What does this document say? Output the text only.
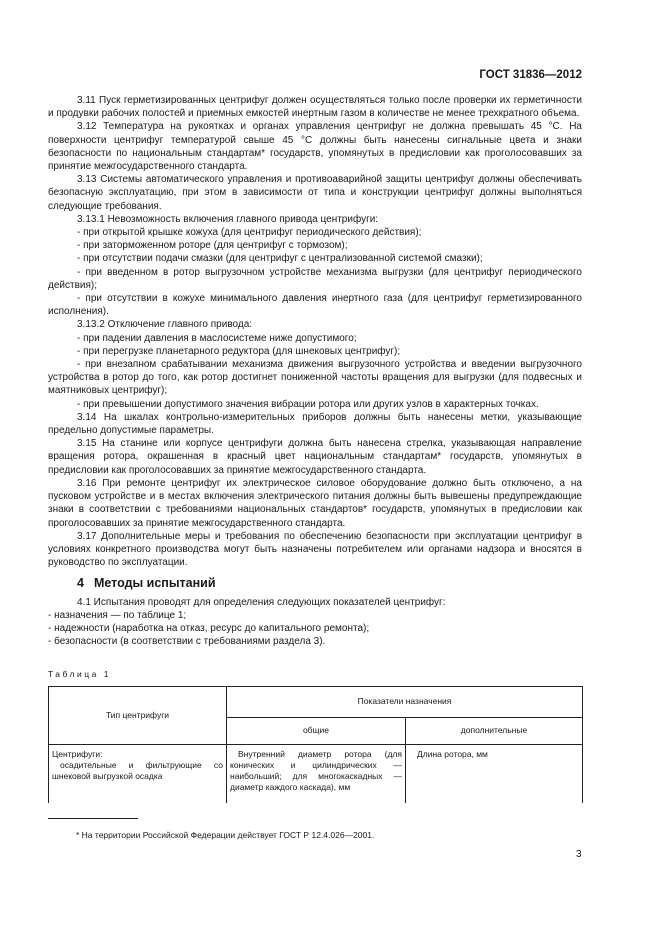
ГОСТ 31836—2012

3.11 Пуск герметизированных центрифуг должен осуществляться только после проверки их герметичности и продувки рабочих полостей и приемных емкостей инертным газом в количестве не менее трехкратного объема.

3.12 Температура на рукоятках и органах управления центрифуг не должна превышать 45 °С. На поверхности центрифуг температурой свыше 45 °С должны быть нанесены сигнальные цвета и знаки безопасности по национальным стандартам* государств, упомянутых в предисловии как проголосовавших за принятие межгосударственного стандарта.

3.13 Системы автоматического управления и противоаварийной защиты центрифуг должны обеспечивать безопасную эксплуатацию, при этом в зависимости от типа и конструкции центрифуг должны выполняться следующие требования.

3.13.1 Невозможность включения главного привода центрифуги:

- при открытой крышке кожуха (для центрифуг периодического действия);

- при заторможенном роторе (для центрифуг с тормозом);

- при отсутствии подачи смазки (для центрифуг с централизованной системой смазки);

- при введенном в ротор выгрузочном устройстве механизма выгрузки (для центрифуг периодического действия);

- при отсутствии в кожухе минимального давления инертного газа (для центрифуг герметизированного исполнения).

3.13.2 Отключение главного привода:

- при падении давления в маслосистеме ниже допустимого;

- при перегрузке планетарного редуктора (для шнековых центрифуг);

- при внезапном срабатывании механизма движения выгрузочного устройства и введении выгрузочного устройства в ротор до того, как ротор достигнет пониженной частоты вращения для выгрузки (для подвесных и маятниковых центрифуг);

- при превышении допустимого значения вибрации ротора или других узлов в характерных точках.

3.14 На шкалах контрольно-измерительных приборов должны быть нанесены метки, указывающие предельно допустимые параметры.

3.15 На станине или корпусе центрифуги должна быть нанесена стрелка, указывающая направление вращения ротора, окрашенная в красный цвет национальным стандартам* государств, упомянутых в предисловии как проголосовавших за принятие межгосударственного стандарта.

3.16 При ремонте центрифуг их электрическое силовое оборудование должно быть отключено, а на пусковом устройстве и в местах включения электрического питания должны быть вывешены предупреждающие знаки в соответствии с требованиями национальных стандартов* государств, упомянутых в предисловии как проголосовавших за принятие межгосударственного стандарта.

3.17 Дополнительные меры и требования по обеспечению безопасности при эксплуатации центрифуг в условиях конкретного производства могут быть назначены потребителем или органами надзора и вносятся в руководство по эксплуатации.

4 Методы испытаний

4.1 Испытания проводят для определения следующих показателей центрифуг:

- назначения — по таблице 1;

- надежности (наработка на отказ, ресурс до капитального ремонта);

- безопасности (в соответствии с требованиями раздела 3).

Таблица 1
Тип центрифуги	Показатели назначения	
	общие	дополнительные

Центрифуги:
осадительные и фильтрующие со шнековой выгрузкой осадка	Внутренний диаметр ротора (для конических и цилиндрических — наибольший; для многокаскадных — диаметр каждого каскада), мм	Длина ротора, мм
* На территории Российской Федерации действует ГОСТ Р 12.4.026—2001.
3
